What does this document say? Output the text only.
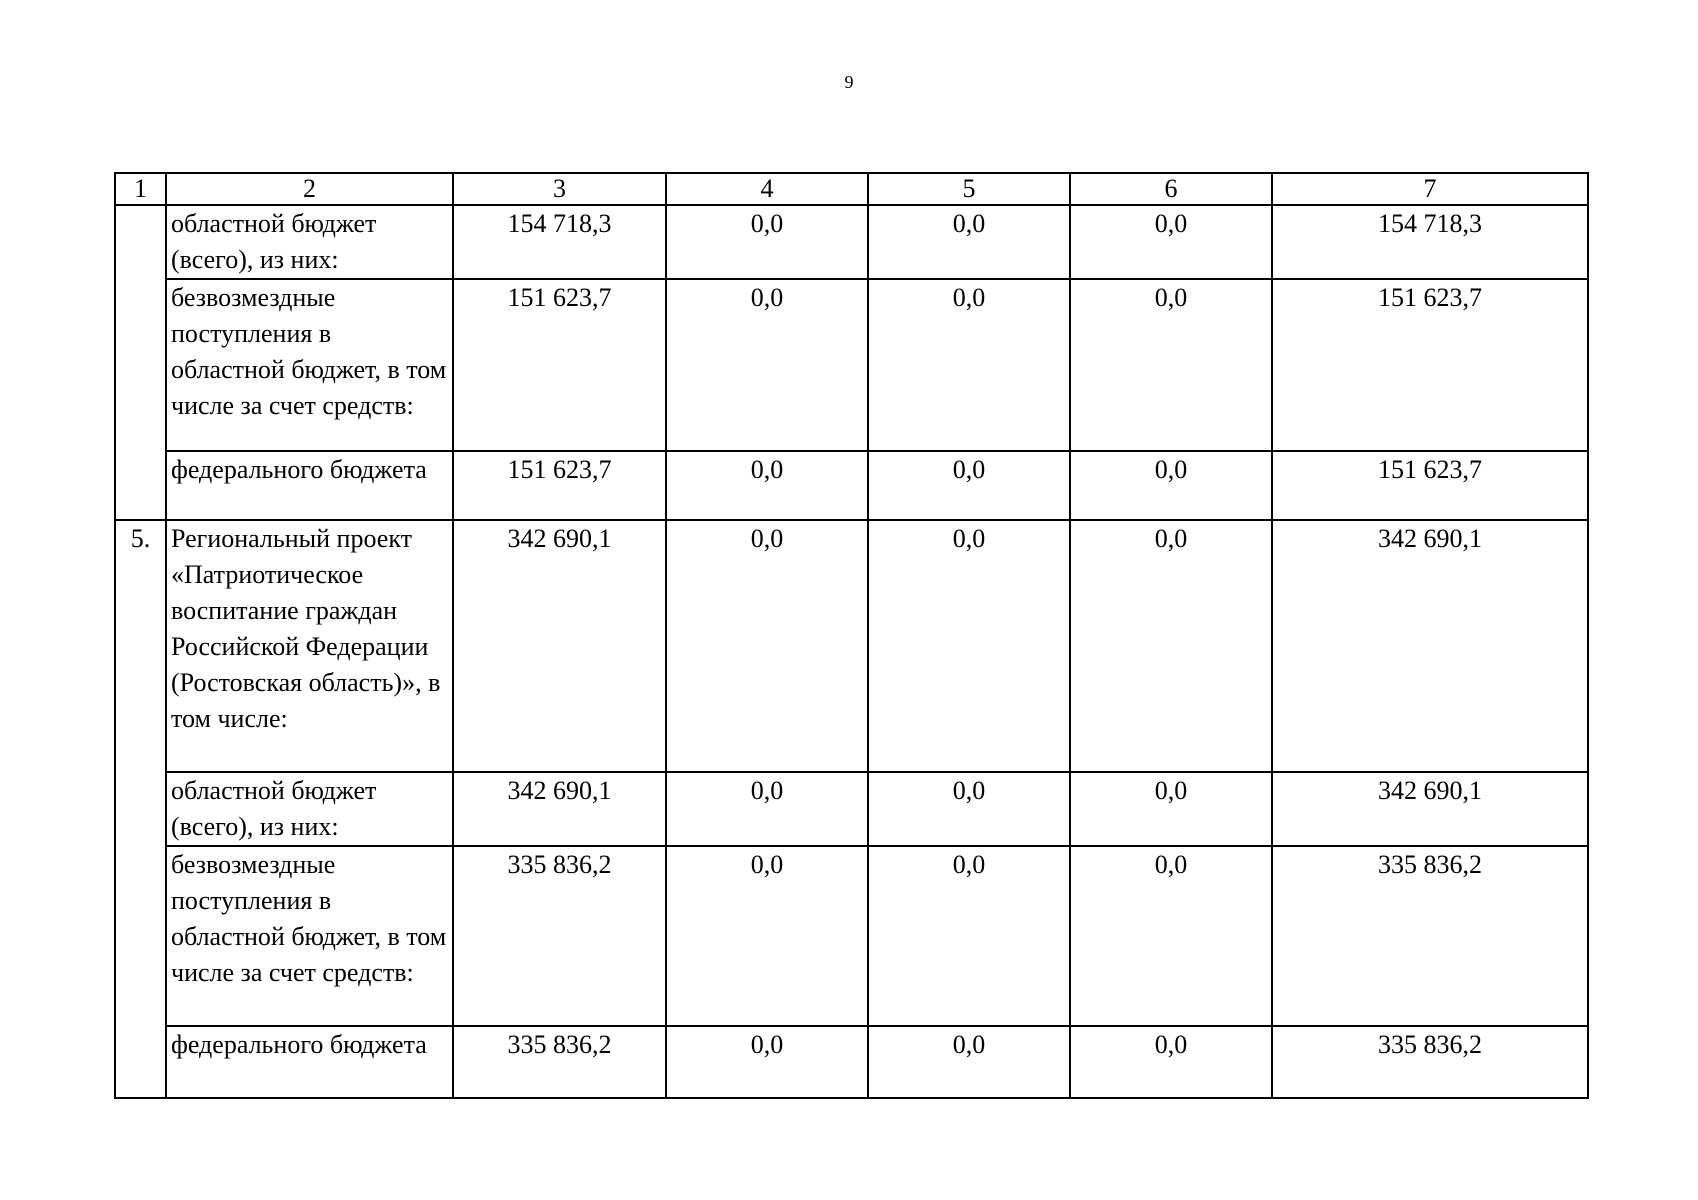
9
1	2	3	4	5	6	7
	областной бюджет (всего), из них:	154 718,3	0,0	0,0	0,0	154 718,3
	безвозмездные поступления в областной бюджет, в том числе за счет средств:	151 623,7	0,0	0,0	0,0	151 623,7
	федерального бюджета	151 623,7	0,0	0,0	0,0	151 623,7
5.	Региональный проект «Патриотическое воспитание граждан Российской Федерации (Ростовская область)», в том числе:	342 690,1	0,0	0,0	0,0	342 690,1
	областной бюджет (всего), из них:	342 690,1	0,0	0,0	0,0	342 690,1
	безвозмездные поступления в областной бюджет, в том числе за счет средств:	335 836,2	0,0	0,0	0,0	335 836,2
	федерального бюджета	335 836,2	0,0	0,0	0,0	335 836,2
